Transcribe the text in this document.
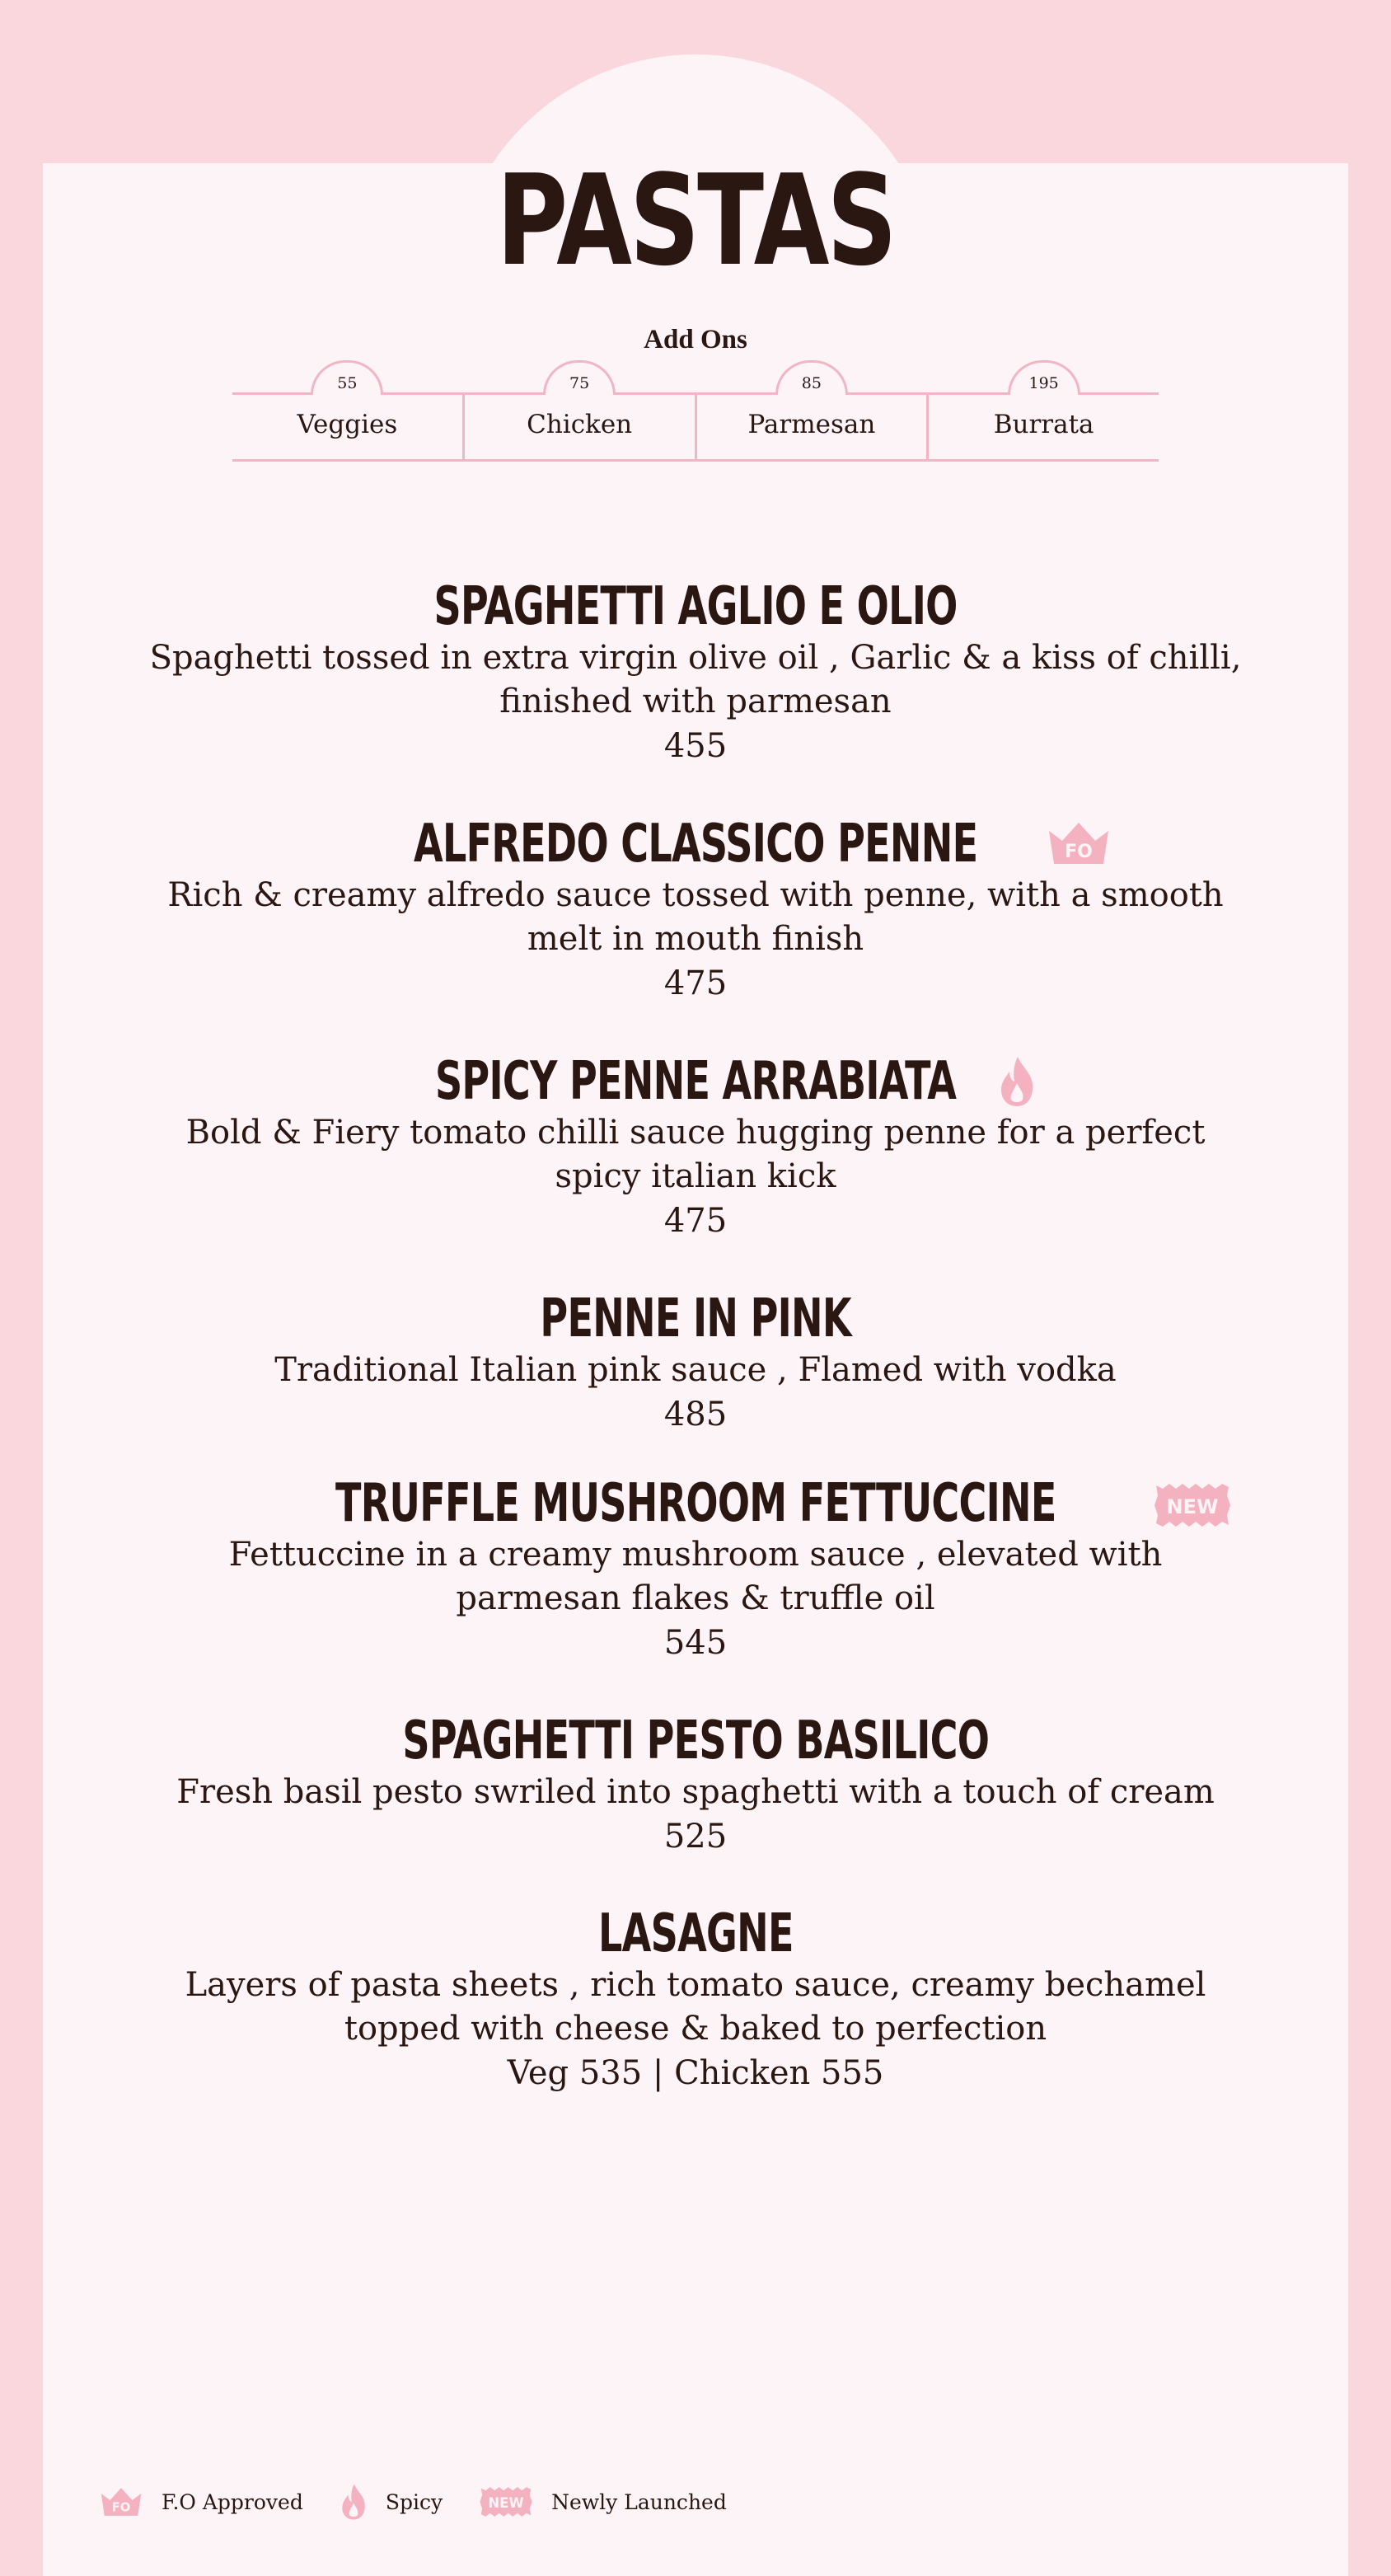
PASTAS
Add Ons
55
Veggies
75
Chicken
85
Parmesan
195
Burrata
SPAGHETTI AGLIO E OLIO
Spaghetti tossed in extra virgin olive oil , Garlic & a kiss of chilli, finished with parmesan
455
ALFREDO CLASSICO PENNE	FO
Rich & creamy alfredo sauce tossed with penne, with a smooth melt in mouth finish
475
SPICY PENNE ARRABIATA
Bold & Fiery tomato chilli sauce hugging penne for a perfect spicy italian kick
475
PENNE IN PINK
Traditional Italian pink sauce , Flamed with vodka
485
TRUFFLE MUSHROOM FETTUCCINE	NEW
Fettuccine in a creamy mushroom sauce , elevated with parmesan flakes & truffle oil
545
SPAGHETTI PESTO BASILICO
Fresh basil pesto swriled into spaghetti with a touch of cream
525
LASAGNE
Layers of pasta sheets , rich tomato sauce, creamy bechamel topped with cheese & baked to perfection
Veg 535 | Chicken 555
FO F.O Approved	Spicy NEW Newly Launched
